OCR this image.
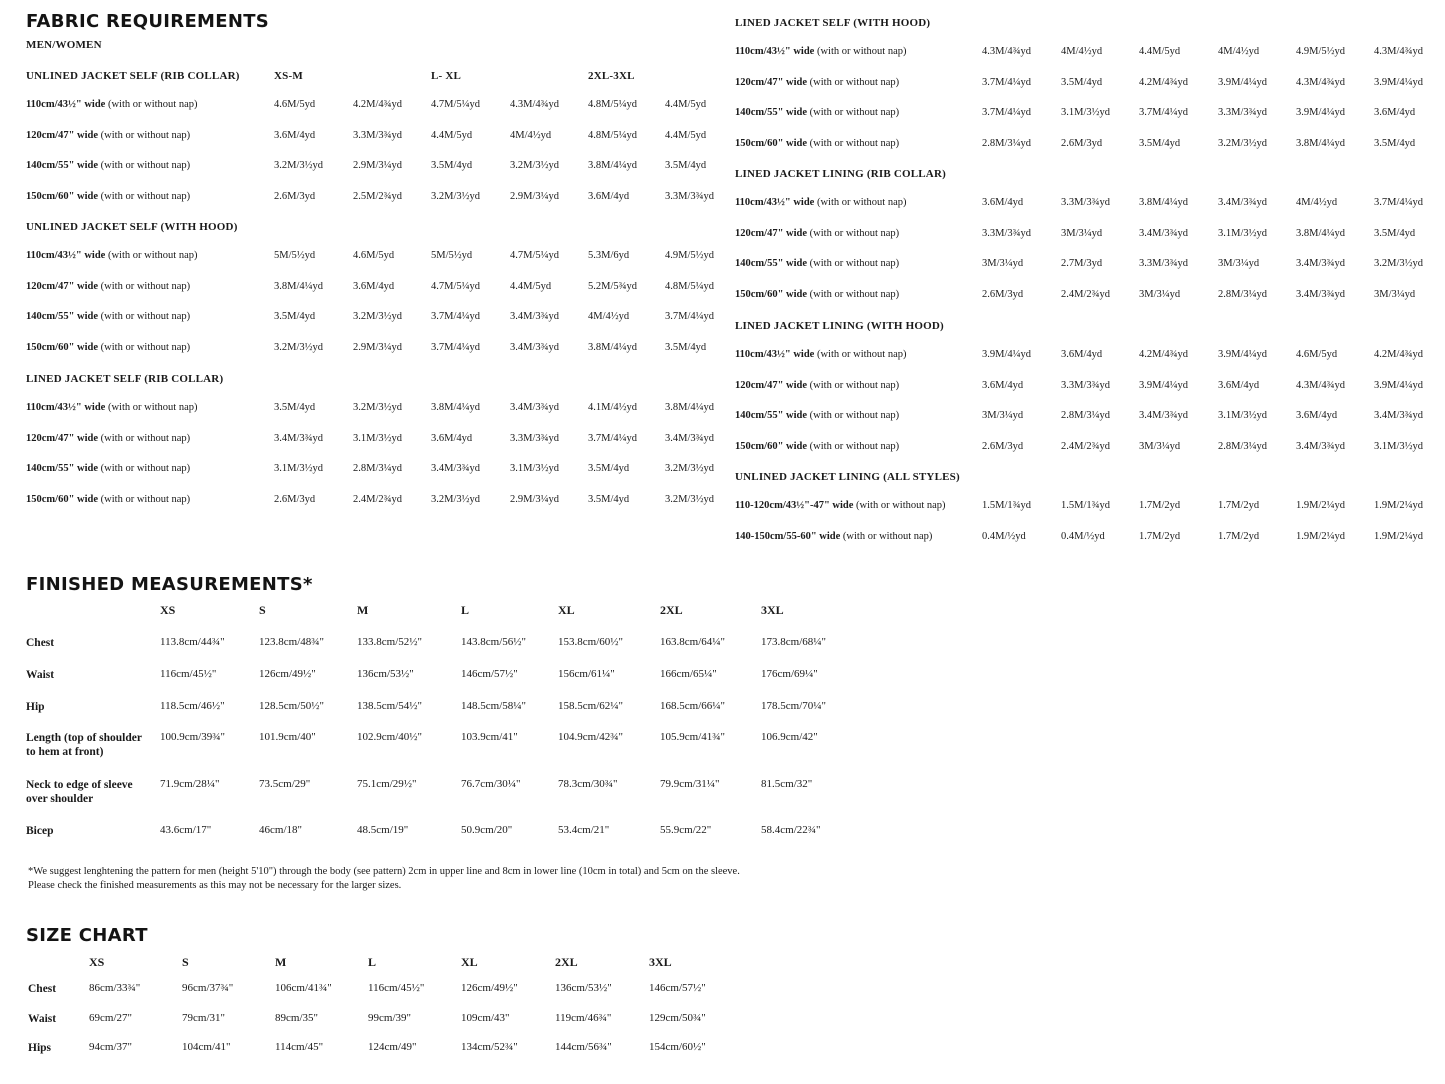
FABRIC REQUIREMENTS
MEN/WOMEN
XS-M	L- XL	2XL-3XL
UNLINED JACKET SELF (RIB COLLAR)
110cm/43½" wide (with or without nap)	4.6M/5yd	4.2M/4¾yd	4.7M/5¼yd	4.3M/4¾yd	4.8M/5¼yd	4.4M/5yd
120cm/47" wide (with or without nap)	3.6M/4yd	3.3M/3¾yd	4.4M/5yd	4M/4½yd	4.8M/5¼yd	4.4M/5yd
140cm/55" wide (with or without nap)	3.2M/3½yd	2.9M/3¼yd	3.5M/4yd	3.2M/3½yd	3.8M/4¼yd	3.5M/4yd
150cm/60" wide (with or without nap)	2.6M/3yd	2.5M/2¾yd	3.2M/3½yd	2.9M/3¼yd	3.6M/4yd	3.3M/3¾yd
UNLINED JACKET SELF (WITH HOOD)
110cm/43½" wide (with or without nap)	5M/5½yd	4.6M/5yd	5M/5½yd	4.7M/5¼yd	5.3M/6yd	4.9M/5½yd
120cm/47" wide (with or without nap)	3.8M/4¼yd	3.6M/4yd	4.7M/5¼yd	4.4M/5yd	5.2M/5¾yd	4.8M/5¼yd
140cm/55" wide (with or without nap)	3.5M/4yd	3.2M/3½yd	3.7M/4¼yd	3.4M/3¾yd	4M/4½yd	3.7M/4¼yd
150cm/60" wide (with or without nap)	3.2M/3½yd	2.9M/3¼yd	3.7M/4¼yd	3.4M/3¾yd	3.8M/4¼yd	3.5M/4yd
LINED JACKET SELF (RIB COLLAR)
110cm/43½" wide (with or without nap)	3.5M/4yd	3.2M/3½yd	3.8M/4¼yd	3.4M/3¾yd	4.1M/4½yd	3.8M/4¼yd
120cm/47" wide (with or without nap)	3.4M/3¾yd	3.1M/3½yd	3.6M/4yd	3.3M/3¾yd	3.7M/4¼yd	3.4M/3¾yd
140cm/55" wide (with or without nap)	3.1M/3½yd	2.8M/3¼yd	3.4M/3¾yd	3.1M/3½yd	3.5M/4yd	3.2M/3½yd
150cm/60" wide (with or without nap)	2.6M/3yd	2.4M/2¾yd	3.2M/3½yd	2.9M/3¼yd	3.5M/4yd	3.2M/3½yd
LINED JACKET SELF (WITH HOOD)
110cm/43½" wide (with or without nap)	4.3M/4¾yd	4M/4½yd	4.4M/5yd	4M/4½yd	4.9M/5½yd	4.3M/4¾yd
120cm/47" wide (with or without nap)	3.7M/4¼yd	3.5M/4yd	4.2M/4¾yd	3.9M/4¼yd	4.3M/4¾yd	3.9M/4¼yd
140cm/55" wide (with or without nap)	3.7M/4¼yd	3.1M/3½yd	3.7M/4¼yd	3.3M/3¾yd	3.9M/4¼yd	3.6M/4yd
150cm/60" wide (with or without nap)	2.8M/3¼yd	2.6M/3yd	3.5M/4yd	3.2M/3½yd	3.8M/4¼yd	3.5M/4yd
LINED JACKET LINING (RIB COLLAR)
110cm/43½" wide (with or without nap)	3.6M/4yd	3.3M/3¾yd	3.8M/4¼yd	3.4M/3¾yd	4M/4½yd	3.7M/4¼yd
120cm/47" wide (with or without nap)	3.3M/3¾yd	3M/3¼yd	3.4M/3¾yd	3.1M/3½yd	3.8M/4¼yd	3.5M/4yd
140cm/55" wide (with or without nap)	3M/3¼yd	2.7M/3yd	3.3M/3¾yd	3M/3¼yd	3.4M/3¾yd	3.2M/3½yd
150cm/60" wide (with or without nap)	2.6M/3yd	2.4M/2¾yd	3M/3¼yd	2.8M/3¼yd	3.4M/3¾yd	3M/3¼yd
LINED JACKET LINING (WITH HOOD)
110cm/43½" wide (with or without nap)	3.9M/4¼yd	3.6M/4yd	4.2M/4¾yd	3.9M/4¼yd	4.6M/5yd	4.2M/4¾yd
120cm/47" wide (with or without nap)	3.6M/4yd	3.3M/3¾yd	3.9M/4¼yd	3.6M/4yd	4.3M/4¾yd	3.9M/4¼yd
140cm/55" wide (with or without nap)	3M/3¼yd	2.8M/3¼yd	3.4M/3¾yd	3.1M/3½yd	3.6M/4yd	3.4M/3¾yd
150cm/60" wide (with or without nap)	2.6M/3yd	2.4M/2¾yd	3M/3¼yd	2.8M/3¼yd	3.4M/3¾yd	3.1M/3½yd
UNLINED JACKET LINING (ALL STYLES)
110-120cm/43½"-47" wide (with or without nap)	1.5M/1¾yd	1.5M/1¾yd	1.7M/2yd	1.7M/2yd	1.9M/2¼yd	1.9M/2¼yd
140-150cm/55-60" wide (with or without nap)	0.4M/½yd	0.4M/½yd	1.7M/2yd	1.7M/2yd	1.9M/2¼yd	1.9M/2¼yd
FINISHED MEASUREMENTS*
XS	S	M	L	XL	2XL	3XL
Chest	113.8cm/44¾"	123.8cm/48¾"	133.8cm/52½"	143.8cm/56½"	153.8cm/60½"	163.8cm/64¼"	173.8cm/68¼"
Waist	116cm/45½"	126cm/49½"	136cm/53½"	146cm/57½"	156cm/61¼"	166cm/65¼"	176cm/69¼"
Hip	118.5cm/46½"	128.5cm/50½"	138.5cm/54½"	148.5cm/58¼"	158.5cm/62¼"	168.5cm/66¼"	178.5cm/70¼"
Length (top of shoulder
to hem at front)
100.9cm/39¾"	101.9cm/40"	102.9cm/40½"	103.9cm/41"	104.9cm/42¾"	105.9cm/41¾"	106.9cm/42"
Neck to edge of sleeve
over shoulder
71.9cm/28¼"	73.5cm/29"	75.1cm/29½"	76.7cm/30¼"	78.3cm/30¾"	79.9cm/31¼"	81.5cm/32"
Bicep	43.6cm/17"	46cm/18"	48.5cm/19"	50.9cm/20"	53.4cm/21"	55.9cm/22"	58.4cm/22¾"
*We suggest lenghtening the pattern for men (height 5'10") through the body (see pattern) 2cm in upper line and 8cm in lower line (10cm in total) and 5cm on the sleeve.
Please check the finished measurements as this may not be necessary for the larger sizes.
SIZE CHART
XS	S	M	L	XL	2XL	3XL
Chest	86cm/33¾"	96cm/37¾"	106cm/41¾"	116cm/45½"	126cm/49½"	136cm/53½"	146cm/57½"
Waist	69cm/27"	79cm/31"	89cm/35"	99cm/39"	109cm/43"	119cm/46¾"	129cm/50¾"
Hips	94cm/37"	104cm/41"	114cm/45"	124cm/49"	134cm/52¾"	144cm/56¾"	154cm/60½"
